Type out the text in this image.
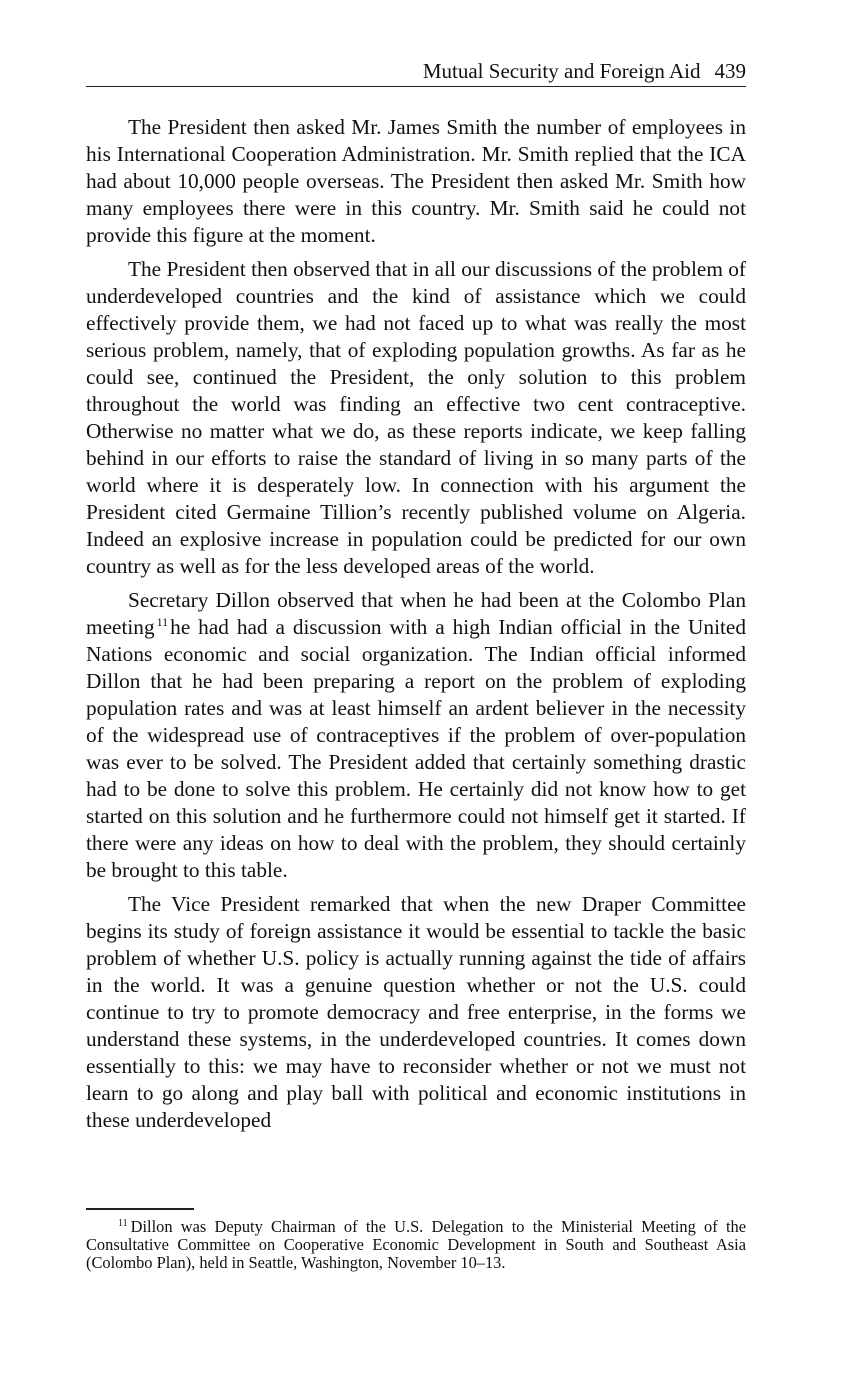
Mutual Security and Foreign Aid 439

The President then asked Mr. James Smith the number of employees in his International Cooperation Administration. Mr. Smith replied that the ICA had about 10,000 people overseas. The President then asked Mr. Smith how many employees there were in this country. Mr. Smith said he could not provide this figure at the moment.

The President then observed that in all our discussions of the problem of underdeveloped countries and the kind of assistance which we could effectively provide them, we had not faced up to what was really the most serious problem, namely, that of exploding population growths. As far as he could see, continued the President, the only solution to this problem throughout the world was finding an effective two cent contraceptive. Otherwise no matter what we do, as these reports indicate, we keep falling behind in our efforts to raise the standard of living in so many parts of the world where it is desperately low. In connection with his argument the President cited Germaine Tillion’s recently published volume on Algeria. Indeed an explosive increase in population could be predicted for our own country as well as for the less developed areas of the world.

Secretary Dillon observed that when he had been at the Colombo Plan meeting $^{11}$he had had a discussion with a high Indian official in the United Nations economic and social organization. The Indian official informed Dillon that he had been preparing a report on the problem of exploding population rates and was at least himself an ardent believer in the necessity of the widespread use of contraceptives if the problem of over-population was ever to be solved. The President added that certainly something drastic had to be done to solve this problem. He certainly did not know how to get started on this solution and he furthermore could not himself get it started. If there were any ideas on how to deal with the problem, they should certainly be brought to this table.

The Vice President remarked that when the new Draper Committee begins its study of foreign assistance it would be essential to tackle the basic problem of whether U.S. policy is actually running against the tide of affairs in the world. It was a genuine question whether or not the U.S. could continue to try to promote democracy and free enterprise, in the forms we understand these systems, in the underdeveloped countries. It comes down essentially to this: we may have to reconsider whether or not we must not learn to go along and play ball with political and economic institutions in these underdeveloped

$^{11}$ Dillon was Deputy Chairman of the U.S. Delegation to the Ministerial Meeting of the Consultative Committee on Cooperative Economic Development in South and Southeast Asia (Colombo Plan), held in Seattle, Washington, November 10–13.
